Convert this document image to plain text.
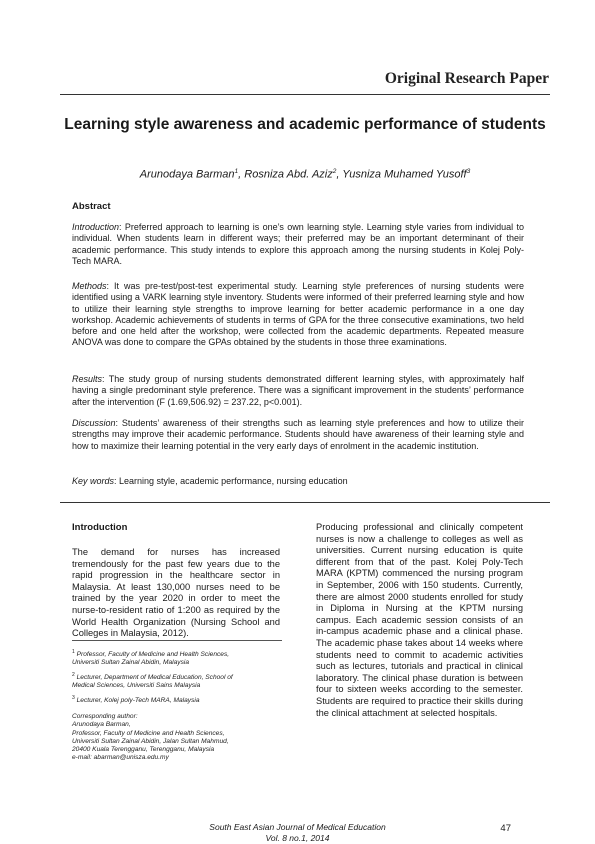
Original Research Paper
Learning style awareness and academic performance of students
Arunodaya Barman$^1$, Rosniza Abd. Aziz$^2$, Yusniza Muhamed Yusoff$^3$
Abstract
Introduction: Preferred approach to learning is one’s own learning style. Learning style varies from individual to individual. When students learn in different ways; their preferred may be an important determinant of their academic performance. This study intends to explore this approach among the nursing students in Kolej Poly-Tech MARA.
Methods: It was pre-test/post-test experimental study. Learning style preferences of nursing students were identified using a VARK learning style inventory. Students were informed of their preferred learning style and how to utilize their learning style strengths to improve learning for better academic performance in a one day workshop. Academic achievements of students in terms of GPA for the three consecutive examinations, two held before and one held after the workshop, were collected from the academic departments. Repeated measure ANOVA was done to compare the GPAs obtained by the students in those three examinations.
Results: The study group of nursing students demonstrated different learning styles, with approximately half having a single predominant style preference. There was a significant improvement in the students’ performance after the intervention (F (1.69,506.92) = 237.22, p<0.001).
Discussion: Students’ awareness of their strengths such as learning style preferences and how to utilize their strengths may improve their academic performance. Students should have awareness of their learning style and how to maximize their learning potential in the very early days of enrolment in the academic institution.
Key words: Learning style, academic performance, nursing education
Introduction
The demand for nurses has increased tremendously for the past few years due to the rapid progression in the healthcare sector in Malaysia. At least 130,000 nurses need to be trained by the year 2020 in order to meet the nurse-to-resident ratio of 1:200 as required by the World Health Organization (Nursing School and Colleges in Malaysia, 2012).
Producing professional and clinically competent nurses is now a challenge to colleges as well as universities. Current nursing education is quite different from that of the past. Kolej Poly-Tech MARA (KPTM) commenced the nursing program in September, 2006 with 150 students. Currently, there are almost 2000 students enrolled for study in Diploma in Nursing at the KPTM nursing campus. Each academic session consists of an in-campus academic phase and a clinical phase. The academic phase takes about 14 weeks where students need to commit to academic activities such as lectures, tutorials and practical in clinical laboratory. The clinical phase duration is between four to sixteen weeks according to the semester. Students are required to practice their skills during the clinical attachment at selected hospitals.
$^1$ Professor, Faculty of Medicine and Health Sciences,
Universiti Sultan Zainal Abidin, Malaysia
$^2$ Lecturer, Department of Medical Education, School of
Medical Sciences, Universiti Sains Malaysia
$^3$ Lecturer, Kolej poly-Tech MARA, Malaysia
Corresponding author:
Arunodaya Barman,
Professor, Faculty of Medicine and Health Sciences,
Universiti Sultan Zainal Abidin, Jalan Sultan Mahmud,
20400 Kuala Terengganu, Terengganu, Malaysia
e-mail: abarman@unisza.edu.my
South East Asian Journal of Medical Education
Vol. 8 no.1, 2014
47
